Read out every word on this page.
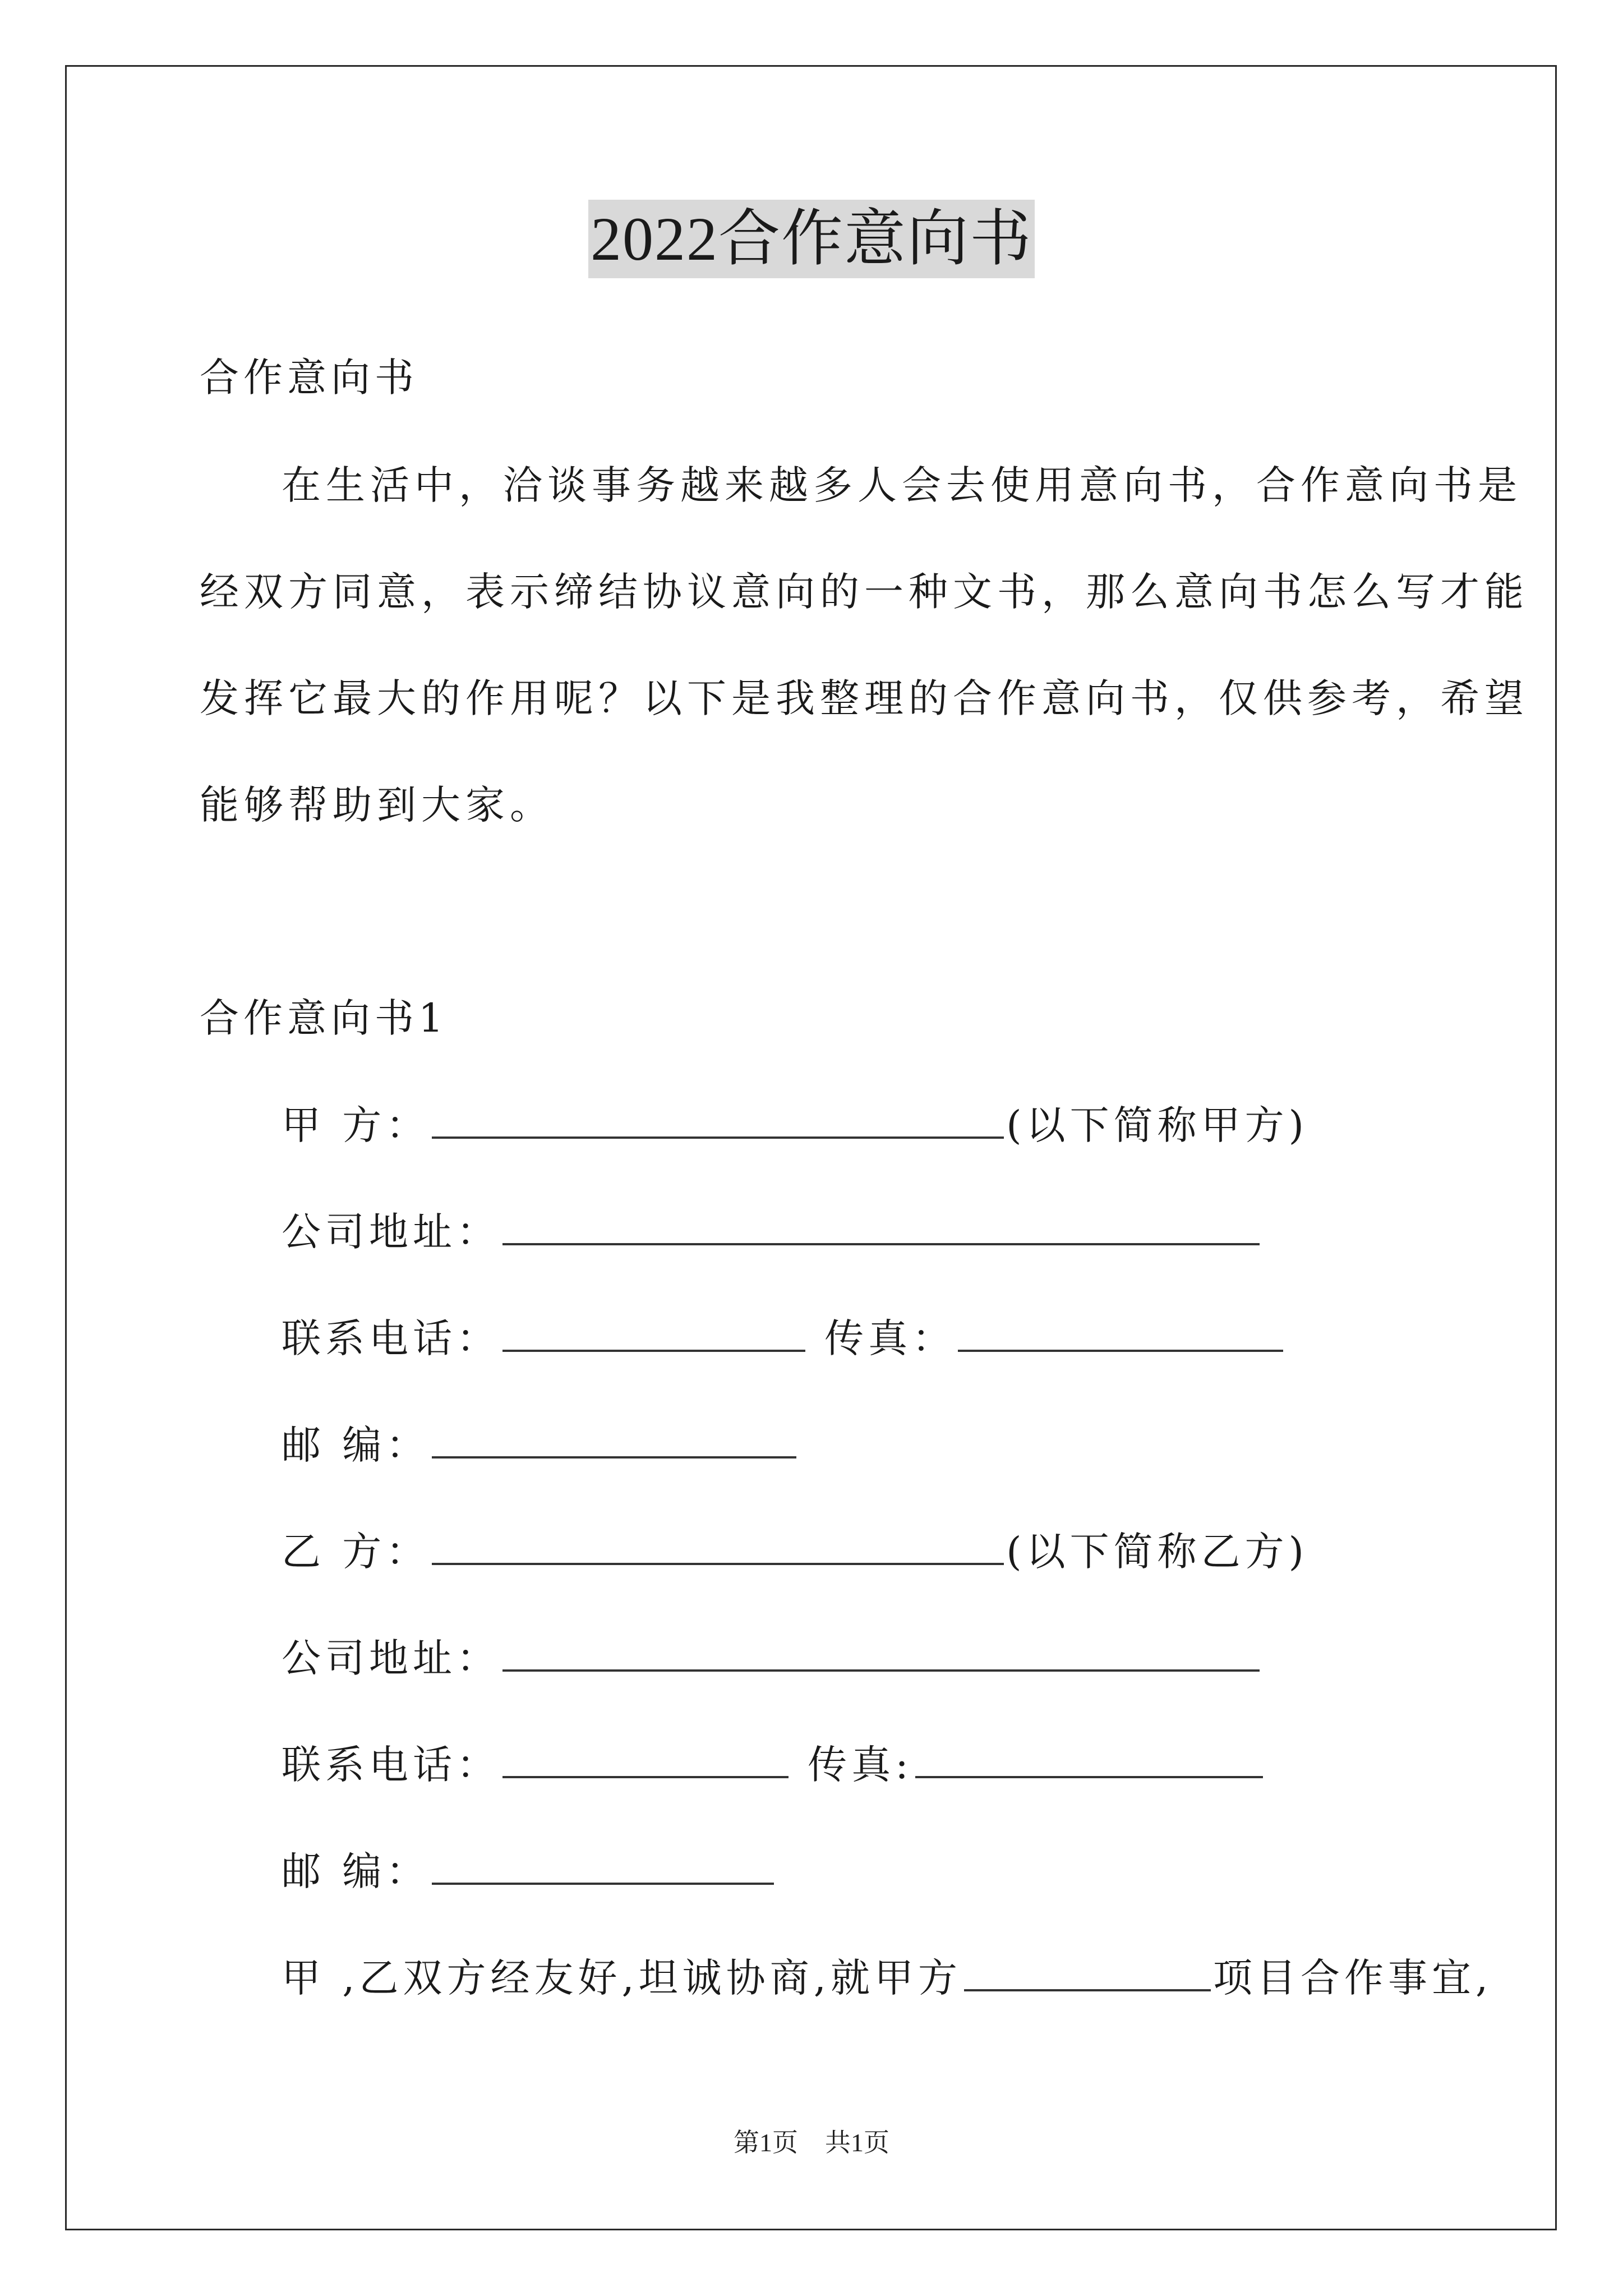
2022合作意向书
合作意向书
在生活中，洽谈事务越来越多人会去使用意向书，合作意向书是
经双方同意，表示缔结协议意向的一种文书，那么意向书怎么写才能
发挥它最大的作用呢？以下是我整理的合作意向书，仅供参考，希望
能够帮助到大家。
合作意向书1
甲 方：	(以下简称甲方)
公司地址：
联系电话：	传真：
邮 编：
乙 方：	(以下简称乙方)
公司地址：
联系电话：	传真:
邮 编：
甲 ,乙双方经友好,坦诚协商,就甲方	项目合作事宜,
第1页 共1页
